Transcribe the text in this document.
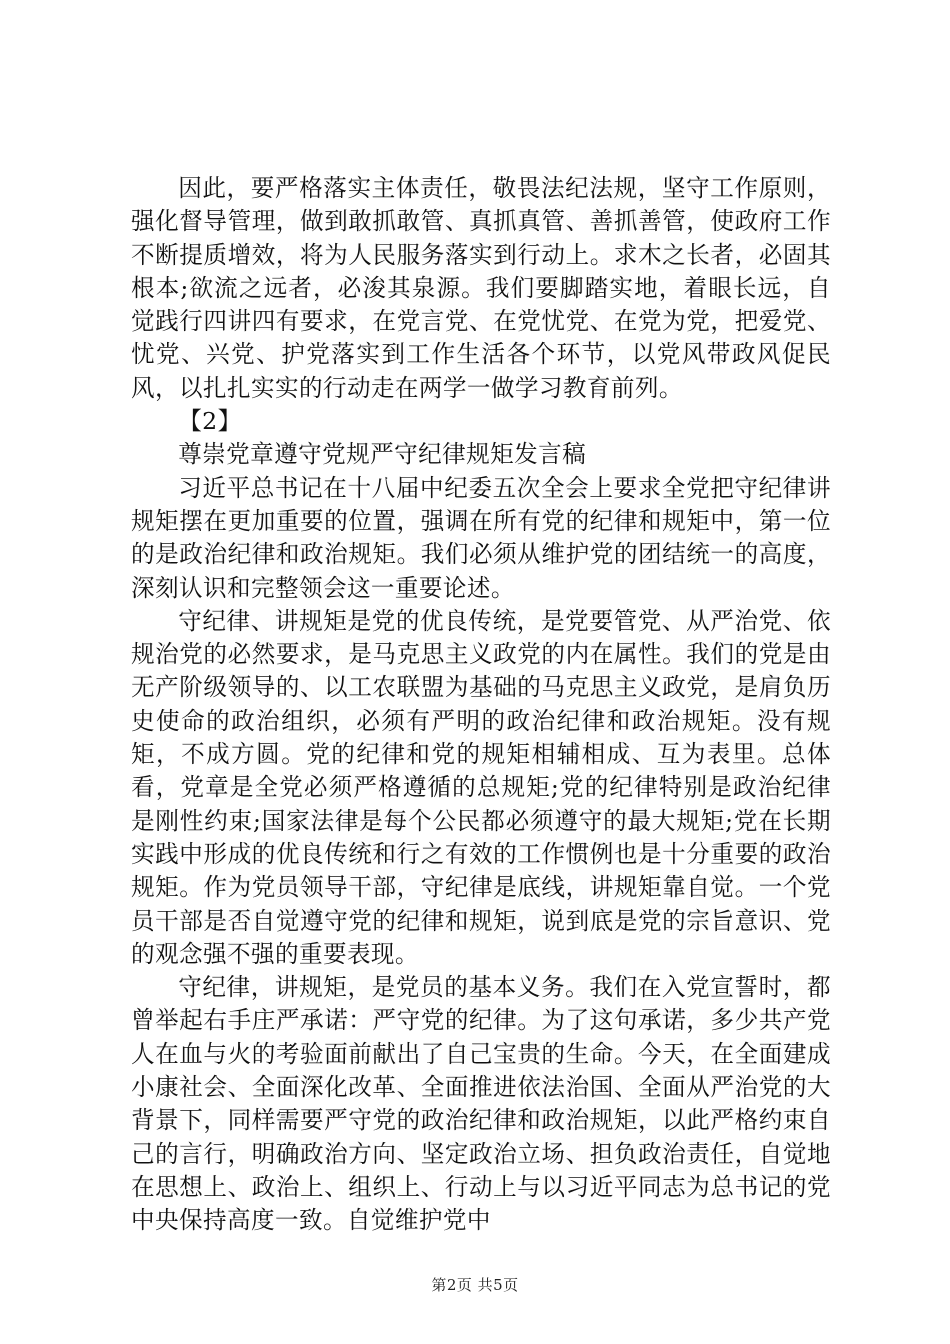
因此，要严格落实主体责任，敬畏法纪法规，坚守工作原则，强化督导管理，做到敢抓敢管、真抓真管、善抓善管，使政府工作不断提质增效，将为人民服务落实到行动上。求木之长者，必固其根本;欲流之远者，必浚其泉源。我们要脚踏实地，着眼长远，自觉践行四讲四有要求，在党言党、在党忧党、在党为党，把爱党、忧党、兴党、护党落实到工作生活各个环节，以党风带政风促民风，以扎扎实实的行动走在两学一做学习教育前列。

【2】

尊崇党章遵守党规严守纪律规矩发言稿

习近平总书记在十八届中纪委五次全会上要求全党把守纪律讲规矩摆在更加重要的位置，强调在所有党的纪律和规矩中，第一位的是政治纪律和政治规矩。我们必须从维护党的团结统一的高度，深刻认识和完整领会这一重要论述。

守纪律、讲规矩是党的优良传统，是党要管党、从严治党、依规治党的必然要求，是马克思主义政党的内在属性。我们的党是由无产阶级领导的、以工农联盟为基础的马克思主义政党，是肩负历史使命的政治组织，必须有严明的政治纪律和政治规矩。没有规矩，不成方圆。党的纪律和党的规矩相辅相成、互为表里。总体看，党章是全党必须严格遵循的总规矩;党的纪律特别是政治纪律是刚性约束;国家法律是每个公民都必须遵守的最大规矩;党在长期实践中形成的优良传统和行之有效的工作惯例也是十分重要的政治规矩。作为党员领导干部，守纪律是底线，讲规矩靠自觉。一个党员干部是否自觉遵守党的纪律和规矩，说到底是党的宗旨意识、党的观念强不强的重要表现。

守纪律，讲规矩，是党员的基本义务。我们在入党宣誓时，都曾举起右手庄严承诺：严守党的纪律。为了这句承诺，多少共产党人在血与火的考验面前献出了自己宝贵的生命。今天，在全面建成小康社会、全面深化改革、全面推进依法治国、全面从严治党的大背景下，同样需要严守党的政治纪律和政治规矩，以此严格约束自己的言行，明确政治方向、坚定政治立场、担负政治责任，自觉地在思想上、政治上、组织上、行动上与以习近平同志为总书记的党中央保持高度一致。自觉维护党中

第2页 共5页
